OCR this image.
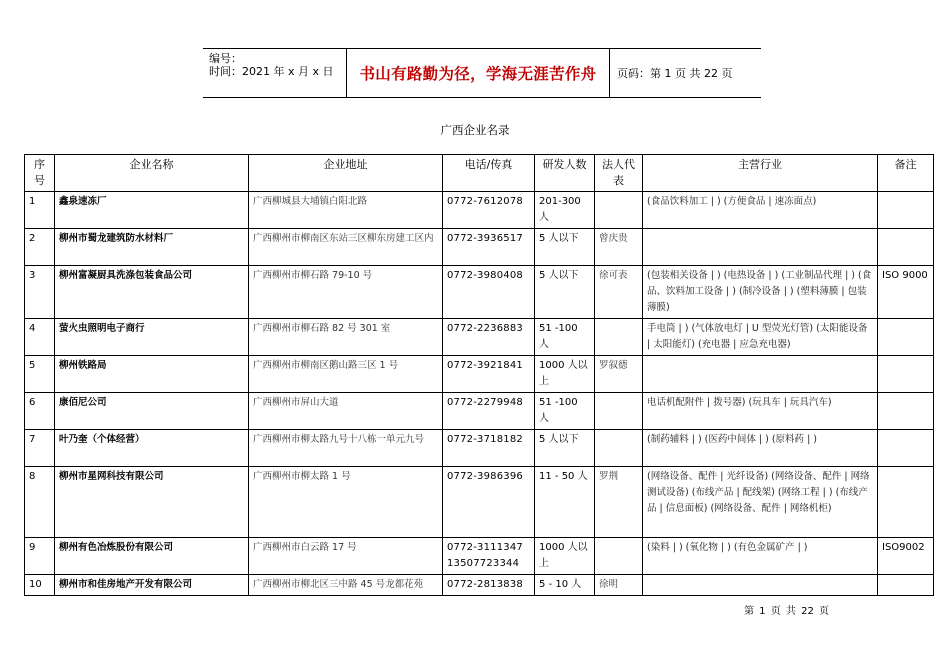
编号：
时间：2021 年 x 月 x 日	书山有路勤为径，学海无涯苦作舟 页码：第 1 页 共 22 页
广西企业名录
序号	企业名称	企业地址	电话/传真	研发人数	法人代表	主营行业	备注
1	鑫泉速冻厂	广西柳城县大埔镇白阳北路	0772-7612078	201-300 人		(食品饮料加工 | ) (方便食品 | 速冻面点)	
2	柳州市蜀龙建筑防水材料厂	广西柳州市柳南区东站三区柳东房建工区内	0772-3936517	5 人以下	曾庆贵		
3	柳州富凝厨具洗涤包装食品公司	广西柳州市柳石路 79-10 号	0772-3980408	5 人以下	徐可表	(包装相关设备 | ) (电热设备 | ) (工业制品代理 | ) (食品、饮料加工设备 | ) (制冷设备 | ) (塑料薄膜 | 包装薄膜)	ISO 9000
4	萤火虫照明电子商行	广西柳州市柳石路 82 号 301 室	0772-2236883	51 -100 人		手电筒 | ) (气体放电灯 | U 型荧光灯管) (太阳能设备 | 太阳能灯) (充电器 | 应急充电器)	
5	柳州铁路局	广西柳州市柳南区鹅山路三区 1 号	0772-3921841	1000 人以上	罗叙德		
6	康佰尼公司	广西柳州市屏山大道	0772-2279948	51 -100 人		电话机配附件 | 拨号器) (玩具车 | 玩具汽车)	
7	叶乃奎（个体经营）	广西柳州市柳太路九号十八栋一单元九号	0772-3718182	5 人以下		(制药辅料 | ) (医药中间体 | ) (原料药 | )	
8	柳州市星网科技有限公司	广西柳州市柳太路 1 号	0772-3986396	11 - 50 人	罗荆	(网络设备、配件 | 光纤设备) (网络设备、配件 | 网络测试设备) (布线产品 | 配线架) (网络工程 | ) (布线产品 | 信息面板) (网络设备、配件 | 网络机柜)	
9	柳州有色冶炼股份有限公司	广西柳州市白云路 17 号	0772-3111347 13507723344	1000 人以上		(染料 | ) (氧化物 | ) (有色金属矿产 | )	ISO9002
10	柳州市和佳房地产开发有限公司	广西柳州市柳北区三中路 45 号龙都花苑	0772-2813838	5 - 10 人	徐明		
第 1 页 共 22 页
